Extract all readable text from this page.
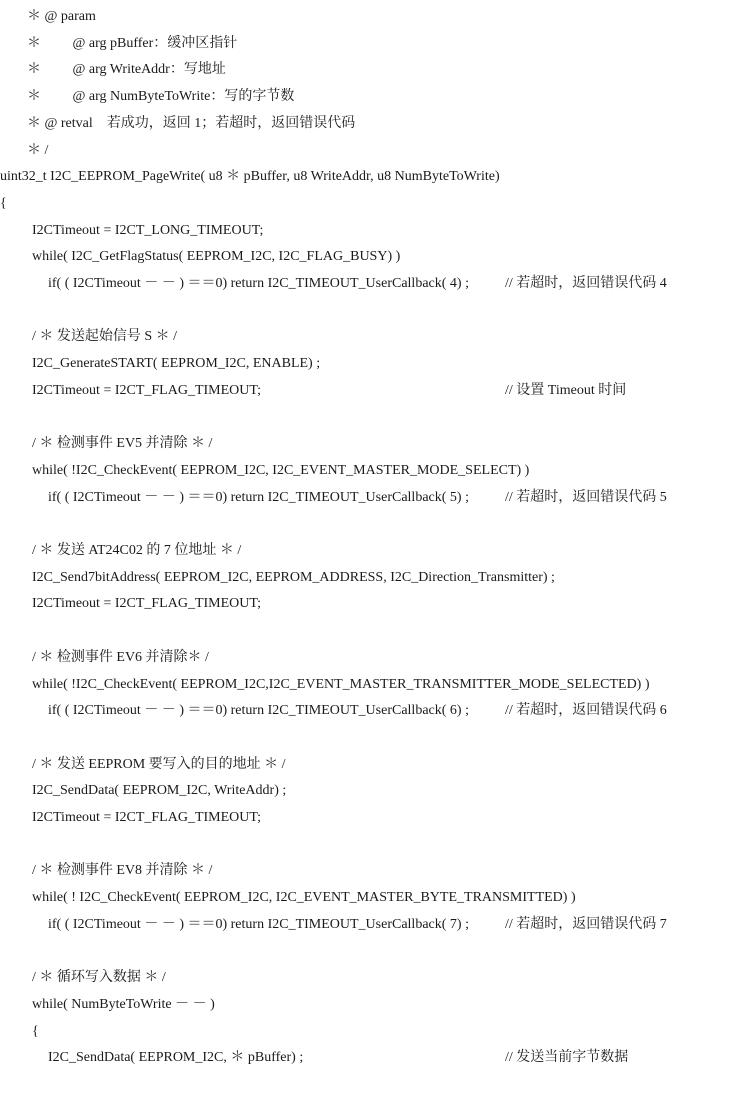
＊ @ param
＊         @ arg pBuffer：缓冲区指针
＊         @ arg WriteAddr：写地址
＊         @ arg NumByteToWrite：写的字节数
＊ @ retval    若成功，返回 1；若超时，返回错误代码
＊ /
uint32_t I2C_EEPROM_PageWrite( u8 ＊ pBuffer, u8 WriteAddr, u8 NumByteToWrite)
{
I2CTimeout = I2CT_LONG_TIMEOUT;
while( I2C_GetFlagStatus( EEPROM_I2C, I2C_FLAG_BUSY) )
if( ( I2CTimeout － － ) ＝＝0) return I2C_TIMEOUT_UserCallback( 4) ;	// 若超时，返回错误代码 4
/ ＊ 发送起始信号 S ＊ /
I2C_GenerateSTART( EEPROM_I2C, ENABLE) ;
I2CTimeout = I2CT_FLAG_TIMEOUT;	// 设置 Timeout 时间
/ ＊ 检测事件 EV5 并清除 ＊ /
while( !I2C_CheckEvent( EEPROM_I2C, I2C_EVENT_MASTER_MODE_SELECT) )
if( ( I2CTimeout － － ) ＝＝0) return I2C_TIMEOUT_UserCallback( 5) ;	// 若超时，返回错误代码 5
/ ＊ 发送 AT24C02 的 7 位地址 ＊ /
I2C_Send7bitAddress( EEPROM_I2C, EEPROM_ADDRESS, I2C_Direction_Transmitter) ;
I2CTimeout = I2CT_FLAG_TIMEOUT;
/ ＊ 检测事件 EV6 并清除＊ /
while( !I2C_CheckEvent( EEPROM_I2C,I2C_EVENT_MASTER_TRANSMITTER_MODE_SELECTED) )
if( ( I2CTimeout － － ) ＝＝0) return I2C_TIMEOUT_UserCallback( 6) ;	// 若超时，返回错误代码 6
/ ＊ 发送 EEPROM 要写入的目的地址 ＊ /
I2C_SendData( EEPROM_I2C, WriteAddr) ;
I2CTimeout = I2CT_FLAG_TIMEOUT;
/ ＊ 检测事件 EV8 并清除 ＊ /
while( ! I2C_CheckEvent( EEPROM_I2C, I2C_EVENT_MASTER_BYTE_TRANSMITTED) )
if( ( I2CTimeout － － ) ＝＝0) return I2C_TIMEOUT_UserCallback( 7) ;	// 若超时，返回错误代码 7
/ ＊ 循环写入数据 ＊ /
while( NumByteToWrite － － )
{
I2C_SendData( EEPROM_I2C, ＊ pBuffer) ;	// 发送当前字节数据
